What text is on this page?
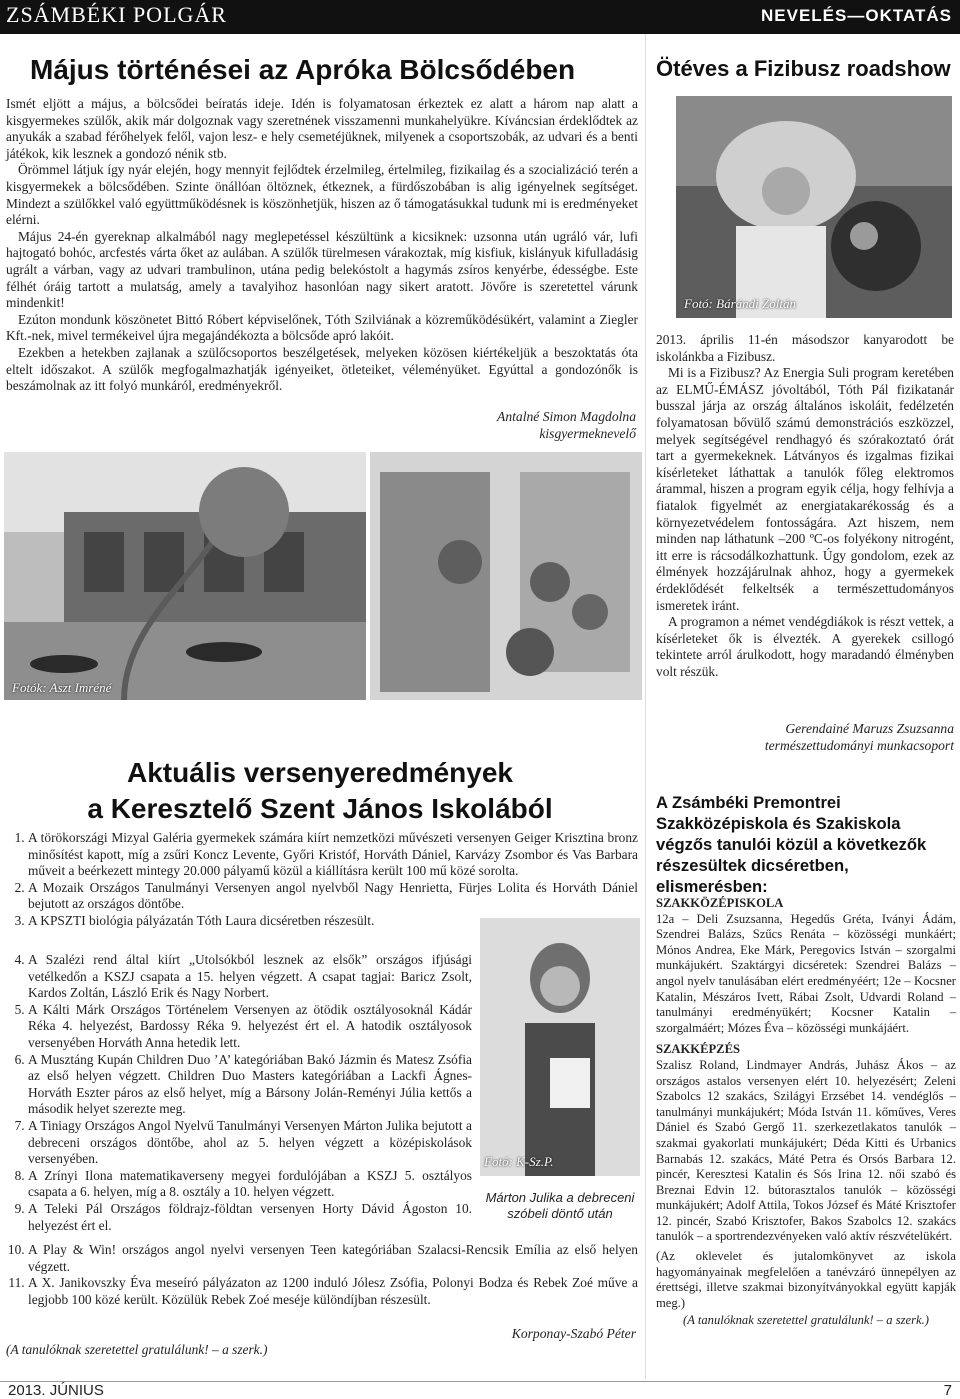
ZSÁMBÉKI POLGÁR	NEVELÉS—OKTATÁS
Május történései az Apróka Bölcsődében

Ismét eljött a május, a bölcsődei beíratás ideje. Idén is folyamatosan érkeztek ez alatt a három nap alatt a kisgyermekes szülők, akik már dolgoznak vagy szeretnének visszamenni munkahelyükre. Kíváncsian érdeklődtek az anyukák a szabad férőhelyek felől, vajon lesz- e hely csemetéjüknek, milyenek a csoportszobák, az udvari és a benti játékok, kik lesznek a gondozó nénik stb.

Örömmel látjuk így nyár elején, hogy mennyit fejlődtek érzelmileg, értelmileg, fizikailag és a szocializáció terén a kisgyermekek a bölcsődében. Szinte önállóan öltöznek, étkeznek, a fürdőszobában is alig igényelnek segítséget. Mindezt a szülőkkel való együttműködésnek is köszönhetjük, hiszen az ő támogatásukkal tudunk mi is eredményeket elérni.

Május 24-én gyereknap alkalmából nagy meglepetéssel készültünk a kicsiknek: uzsonna után ugráló vár, lufi hajtogató bohóc, arcfestés várta őket az aulában. A szülők türelmesen várakoztak, míg kisfiuk, kislányuk kifulladásig ugrált a várban, vagy az udvari trambulinon, utána pedig belekóstolt a hagymás zsíros kenyérbe, édességbe. Este félhét óráig tartott a mulatság, amely a tavalyihoz hasonlóan nagy sikert aratott. Jövőre is szeretettel várunk mindenkit!

Ezúton mondunk köszönetet Bittó Róbert képviselőnek, Tóth Szilviának a közreműködésükért, valamint a Ziegler Kft.-nek, mivel termékeivel újra megajándékozta a bölcsőde apró lakóit.

Ezekben a hetekben zajlanak a szülőcsoportos beszélgetések, melyeken közösen kiértékeljük a beszoktatás óta eltelt időszakot. A szülők megfogalmazhatják igényeiket, ötleteiket, véleményüket. Egyúttal a gondozónők is beszámolnak az itt folyó munkáról, eredményekről.

Antalné Simon Magdolna
kisgyermeknevelő
Fotók: Aszt Imréné
Aktuális versenyeredmények
a Keresztelő Szent János Iskolából
1. A törökországi Mizyal Galéria gyermekek számára kiírt nemzetközi művészeti versenyen Geiger Krisztina bronz minősítést kapott, míg a zsűri Koncz Levente, Győri Kristóf, Horváth Dániel, Karvázy Zsombor és Vas Barbara műveit a beérkezett mintegy 20.000 pályamű közül a kiállításra került 100 mű közé sorolta.
2. A Mozaik Országos Tanulmányi Versenyen angol nyelvből Nagy Henrietta, Fürjes Lolita és Horváth Dániel bejutott az országos döntőbe.
3. A KPSZTI biológia pályázatán Tóth Laura dicséretben részesült.
4. A Szalézi rend által kiírt „Utolsókból lesznek az elsők” országos ifjúsági vetélkedőn a KSZJ csapata a 15. helyen végzett. A csapat tagjai: Baricz Zsolt, Kardos Zoltán, László Erik és Nagy Norbert.
5. A Kálti Márk Országos Történelem Versenyen az ötödik osztályosoknál Kádár Réka 4. helyezést, Bardossy Réka 9. helyezést ért el. A hatodik osztályosok versenyében Horváth Anna hetedik lett.
6. A Musztáng Kupán Children Duo ’A’ kategóriában Bakó Jázmin és Matesz Zsófia az első helyen végzett. Children Duo Masters kategóriában a Lackfi Ágnes-Horváth Eszter páros az első helyet, míg a Bársony Jolán-Reményi Júlia kettős a második helyet szerezte meg.
7. A Tiniagy Országos Angol Nyelvű Tanulmányi Versenyen Márton Julika bejutott a debreceni országos döntőbe, ahol az 5. helyen végzett a középiskolások versenyében.
8. A Zrínyi Ilona matematikaverseny megyei fordulójában a KSZJ 5. osztályos csapata a 6. helyen, míg a 8. osztály a 10. helyen végzett.
9. A Teleki Pál Országos földrajz-földtan versenyen Horty Dávid Ágoston 10. helyezést ért el.
Fotó: K-Sz.P.
Márton Julika a debreceni szóbeli döntő után
10. A Play & Win! országos angol nyelvi versenyen Teen kategóriában Szalacsi-Rencsik Emília az első helyen végzett.
11. A X. Janikovszky Éva meseíró pályázaton az 1200 induló Jólesz Zsófia, Polonyi Bodza és Rebek Zoé műve a legjobb 100 közé került. Közülük Rebek Zoé meséje különdíjban részesült.
Korponay-Szabó Péter
(A tanulóknak szeretettel gratulálunk! – a szerk.)
Ötéves a Fizibusz roadshow
Fotó: Bárándi Zoltán

2013. április 11-én másodszor kanyarodott be iskolánkba a Fizibusz.

Mi is a Fizibusz? Az Energia Suli program keretében az ELMŰ-ÉMÁSZ jóvoltából, Tóth Pál fizikatanár busszal járja az ország általános iskoláit, fedélzetén folyamatosan bővülő számú demonstrációs eszközzel, melyek segítségével rendhagyó és szórakoztató órát tart a gyermekeknek. Látványos és izgalmas fizikai kísérleteket láthattak a tanulók főleg elektromos árammal, hiszen a program egyik célja, hogy felhívja a fiatalok figyelmét az energiatakarékosság és a környezetvédelem fontosságára. Azt hiszem, nem minden nap láthatunk –200 ºC-os folyékony nitrogént, itt erre is rácsodálkozhattunk. Úgy gondolom, ezek az élmények hozzájárulnak ahhoz, hogy a gyermekek érdeklődését felkeltsék a természettudományos ismeretek iránt.

A programon a német vendégdiákok is részt vettek, a kísérleteket ők is élvezték. A gyerekek csillogó tekintete arról árulkodott, hogy maradandó élményben volt részük.

Gerendainé Maruzs Zsuzsanna
természettudományi munkacsoport
A Zsámbéki Premontrei Szakközépiskola és Szakiskola végzős tanulói közül a következők részesültek dicséretben, elismerésben:
SZAKKÖZÉPISKOLA

12a – Deli Zsuzsanna, Hegedűs Gréta, Iványi Ádám, Szendrei Balázs, Szűcs Renáta – közösségi munkáért; Mónos Andrea, Eke Márk, Peregovics István – szorgalmi munkájukért. Szaktárgyi dicséretek: Szendrei Balázs – angol nyelv tanulásában elért eredményéért; 12e – Kocsner Katalin, Mészáros Ivett, Rábai Zsolt, Udvardi Roland – tanulmányi eredményükért; Kocsner Katalin – szorgalmáért; Mózes Éva – közösségi munkájáért.

SZAKKÉPZÉS

Szalisz Roland, Lindmayer András, Juhász Ákos – az országos astalos versenyen elért 10. helyezésért; Zeleni Szabolcs 12 szakács, Szilágyi Erzsébet 14. vendéglős – tanulmányi munkájukért; Móda István 11. kőműves, Veres Dániel és Szabó Gergő 11. szerkezetlakatos tanulók – szakmai gyakorlati munkájukért; Déda Kitti és Urbanics Barnabás 12. szakács, Máté Petra és Orsós Barbara 12. pincér, Keresztesi Katalin és Sós Irina 12. női szabó és Breznai Edvin 12. bútorasztalos tanulók – közösségi munkájukért; Adolf Attila, Tokos József és Máté Krisztofer 12. pincér, Szabó Krisztofer, Bakos Szabolcs 12. szakács tanulók – a sportrendezvényeken való aktív részvételükért.

(Az oklevelet és jutalomkönyvet az iskola hagyományainak megfelelően a tanévzáró ünnepélyen az érettségi, illetve szakmai bizonyítványokkal együtt kapják meg.)

(A tanulóknak szeretettel gratulálunk! – a szerk.)

2013. JÚNIUS	7
